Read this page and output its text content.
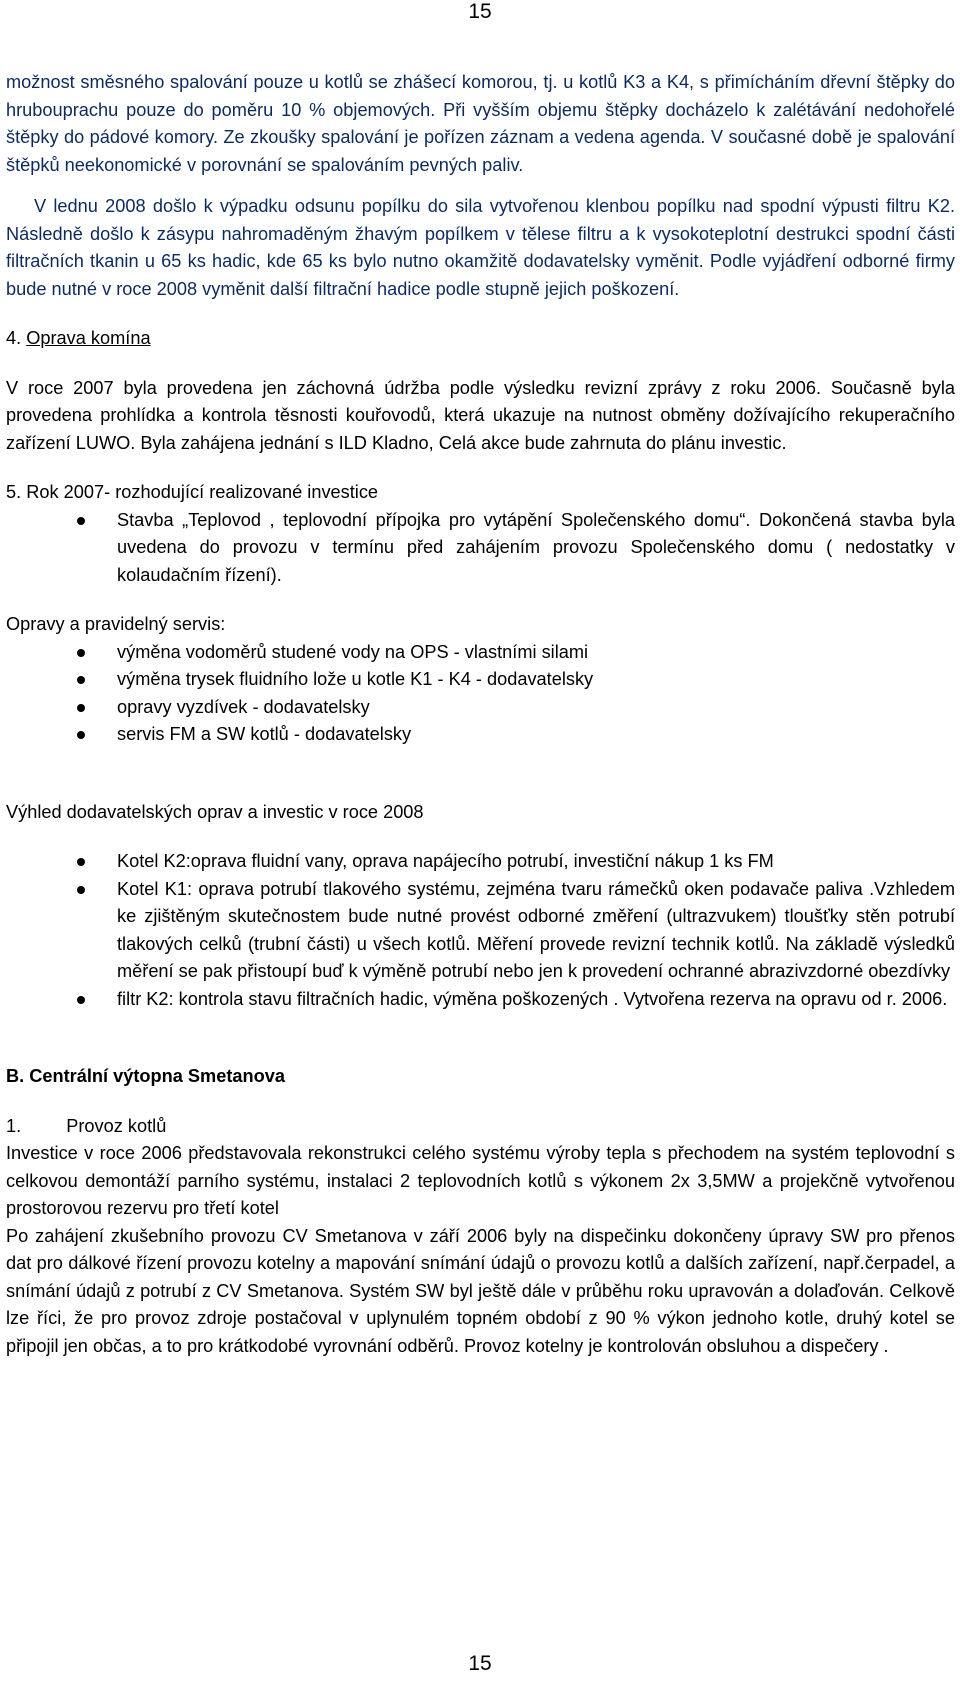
15

možnost směsného spalování pouze u kotlů se zhášecí komorou, tj. u kotlů K3 a K4, s přimícháním dřevní štěpky do hrubouprachu pouze do poměru 10 % objemových. Při vyšším objemu štěpky docházelo k zalétávání nedohořelé štěpky do pádové komory. Ze zkoušky spalování je pořízen záznam a vedena agenda. V současné době je spalování štěpků neekonomické v porovnání se spalováním pevných paliv.

V lednu 2008 došlo k výpadku odsunu popílku do sila vytvořenou klenbou popílku nad spodní výpusti filtru K2. Následně došlo k zásypu nahromaděným žhavým popílkem v tělese filtru a k vysokoteplotní destrukci spodní části filtračních tkanin u 65 ks hadic, kde 65 ks bylo nutno okamžitě dodavatelsky vyměnit. Podle vyjádření odborné firmy bude nutné v roce 2008 vyměnit další filtrační hadice podle stupně jejich poškození.

4. Oprava komína

V roce 2007 byla provedena jen záchovná údržba podle výsledku revizní zprávy z roku 2006. Současně byla provedena prohlídka a kontrola těsnosti kouřovodů, která ukazuje na nutnost obměny dožívajícího rekuperačního zařízení LUWO. Byla zahájena jednání s ILD Kladno, Celá akce bude zahrnuta do plánu investic.

5. Rok 2007- rozhodující realizované investice

Stavba „Teplovod , teplovodní přípojka pro vytápění Společenského domu“. Dokončená stavba byla uvedena do provozu v termínu před zahájením provozu Společenského domu ( nedostatky v kolaudačním řízení).

Opravy a pravidelný servis:

výměna vodoměrů studené vody na OPS - vlastními silami
výměna trysek fluidního lože u kotle K1 - K4 - dodavatelsky
opravy vyzdívek - dodavatelsky
servis FM a SW kotlů - dodavatelsky

Výhled dodavatelských oprav a investic v roce 2008

Kotel K2:oprava fluidní vany, oprava napájecího potrubí, investiční nákup 1 ks FM
Kotel K1: oprava potrubí tlakového systému, zejména tvaru rámečků oken podavače paliva .Vzhledem ke zjištěným skutečnostem bude nutné provést odborné změření (ultrazvukem) tloušťky stěn potrubí tlakových celků (trubní části) u všech kotlů. Měření provede revizní technik kotlů. Na základě výsledků měření se pak přistoupí buď k výměně potrubí nebo jen k provedení ochranné abrazivzdorné obezdívky
filtr K2: kontrola stavu filtračních hadic, výměna poškozených . Vytvořena rezerva na opravu od r. 2006.

B. Centrální výtopna Smetanova

1. Provoz kotlů

Investice v roce 2006 představovala rekonstrukci celého systému výroby tepla s přechodem na systém teplovodní s celkovou demontáží parního systému, instalaci 2 teplovodních kotlů s výkonem 2x 3,5MW a projekčně vytvořenou prostorovou rezervu pro třetí kotel

Po zahájení zkušebního provozu CV Smetanova v září 2006 byly na dispečinku dokončeny úpravy SW pro přenos dat pro dálkové řízení provozu kotelny a mapování snímání údajů o provozu kotlů a dalších zařízení, např.čerpadel, a snímání údajů z potrubí z CV Smetanova. Systém SW byl ještě dále v průběhu roku upravován a dolaďován. Celkově lze říci, že pro provoz zdroje postačoval v uplynulém topném období z 90 % výkon jednoho kotle, druhý kotel se připojil jen občas, a to pro krátkodobé vyrovnání odběrů. Provoz kotelny je kontrolován obsluhou a dispečery .

15
